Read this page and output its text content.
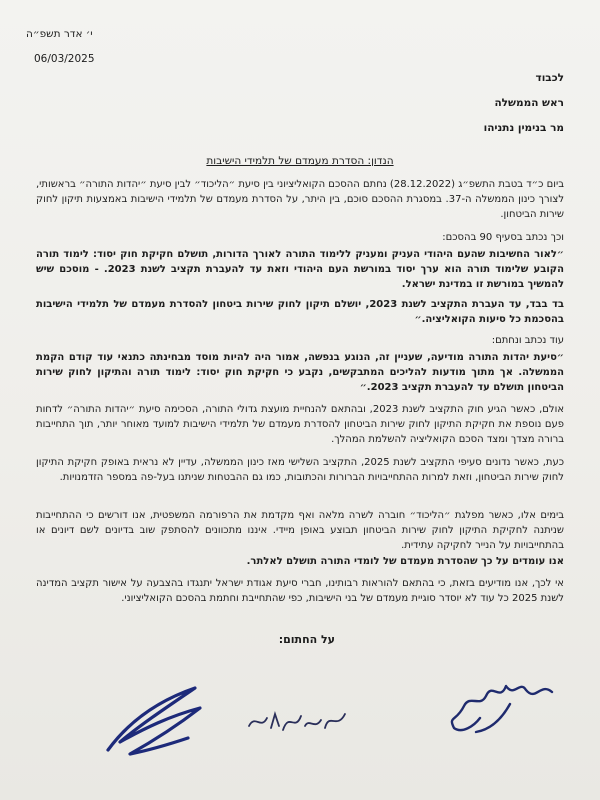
י׳ אדר תשפ״ה
06/03/2025
לכבוד
ראש הממשלה
מר בנימין נתניהו
הנדון: הסדרת מעמדם של תלמידי הישיבות
ביום כ״ד בטבת התשפ״ג (28.12.2022) נחתם ההסכם הקואליציוני בין סיעת ״הליכוד״ לבין סיעת ״יהדות התורה״ בראשותי, לצורך כינון הממשלה ה-37. במסגרת ההסכם סוכם, בין היתר, על הסדרת מעמדם של תלמידי הישיבות באמצעות תיקון לחוק שירות הביטחון.
וכך נכתב בסעיף 90 בהסכם:
״לאור החשיבות שהעם היהודי העניק ומעניק ללימוד התורה לאורך הדורות, תושלם חקיקת חוק יסוד: לימוד תורה הקובע שלימוד תורה הוא ערך יסוד במורשת העם היהודי וזאת עד להעברת תקציב לשנת 2023. - מוסכם שיש להמשיך במורשת זו במדינת ישראל.
בד בבד, עד העברת התקציב לשנת 2023, יושלם תיקון לחוק שירות ביטחון להסדרת מעמדם של תלמידי הישיבות בהסכמת כל סיעות הקואליציה.״
עוד נכתב ונחתם:
״סיעת יהדות התורה מודיעה, שעניין זה, הנוגע בנפשה, אמור היה להיות מוסד מבחינתה כתנאי עוד קודם הקמת הממשלה. אך מתוך מודעות להליכים המתבקשים, נקבע כי חקיקת חוק יסוד: לימוד תורה והתיקון לחוק שירות הביטחון תושלם עד להעברת תקציב 2023.״
אולם, כאשר הגיע חוק התקציב לשנת 2023, ובהתאם להנחיית מועצת גדולי התורה, הסכימה סיעת ״יהדות התורה״ לדחות פעם נוספת את חקיקת התיקון לחוק שירות הביטחון להסדרת מעמדם של תלמידי הישיבות למועד מאוחר יותר, תוך התחייבות ברורה מצדך ומצד הסכם הקואליציה להשלמת המהלך.
כעת, כאשר נדונים סעיפי התקציב לשנת 2025, התקציב השלישי מאז כינון הממשלה, עדיין לא נראית באופק חקיקת התיקון לחוק שירות הביטחון, וזאת למרות ההתחייבויות הברורות והכתובות, כמו גם ההבטחות שניתנו בעל-פה במספר הזדמנויות.
בימים אלו, כאשר מפלגת ״הליכוד״ חוברה לשרה מלאה ואף מקדמת את הרפורמה המשפטית, אנו דורשים כי ההתחייבות שניתנה לחקיקת התיקון לחוק שירות הביטחון תבוצע באופן מיידי. איננו מתכוונים להסתפק שוב בדיונים לשם דיונים או בהתחייבויות על הנייר לחקיקה עתידית.
אנו עומדים על כך שהסדרת מעמדם של לומדי התורה תושלם לאלתר.
אי לכך, אנו מודיעים בזאת, כי בהתאם להוראות רבותינו, חברי סיעת אגודת ישראל יתנגדו בהצבעה על אישור תקציב המדינה לשנת 2025 כל עוד לא יוסדר סוגיית מעמדם של בני הישיבות, כפי שהתחייבת וחתמת בהסכם הקואליציוני.
על החתום:
